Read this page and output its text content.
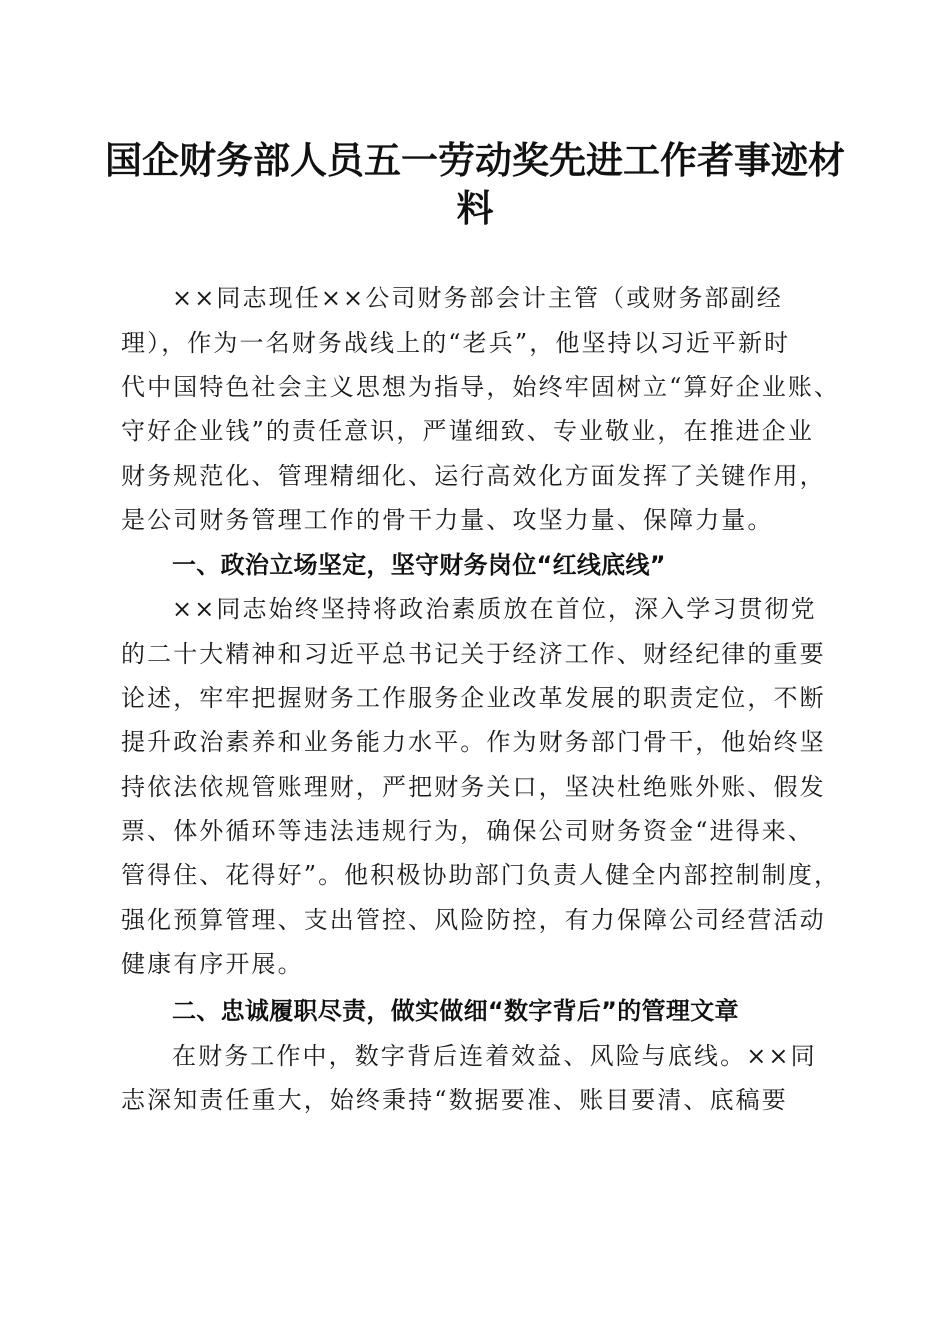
国企财务部人员五一劳动奖先进工作者事迹材
料
××同志现任××公司财务部会计主管（或财务部副经
理），作为一名财务战线上的“老兵”，他坚持以习近平新时
代中国特色社会主义思想为指导，始终牢固树立“算好企业账、
守好企业钱”的责任意识，严谨细致、专业敬业，在推进企业
财务规范化、管理精细化、运行高效化方面发挥了关键作用，
是公司财务管理工作的骨干力量、攻坚力量、保障力量。
一、政治立场坚定，坚守财务岗位“红线底线”
××同志始终坚持将政治素质放在首位，深入学习贯彻党
的二十大精神和习近平总书记关于经济工作、财经纪律的重要
论述，牢牢把握财务工作服务企业改革发展的职责定位，不断
提升政治素养和业务能力水平。作为财务部门骨干，他始终坚
持依法依规管账理财，严把财务关口，坚决杜绝账外账、假发
票、体外循环等违法违规行为，确保公司财务资金“进得来、
管得住、花得好”。他积极协助部门负责人健全内部控制制度，
强化预算管理、支出管控、风险防控，有力保障公司经营活动
健康有序开展。
二、忠诚履职尽责，做实做细“数字背后”的管理文章
在财务工作中，数字背后连着效益、风险与底线。××同
志深知责任重大，始终秉持“数据要准、账目要清、底稿要
